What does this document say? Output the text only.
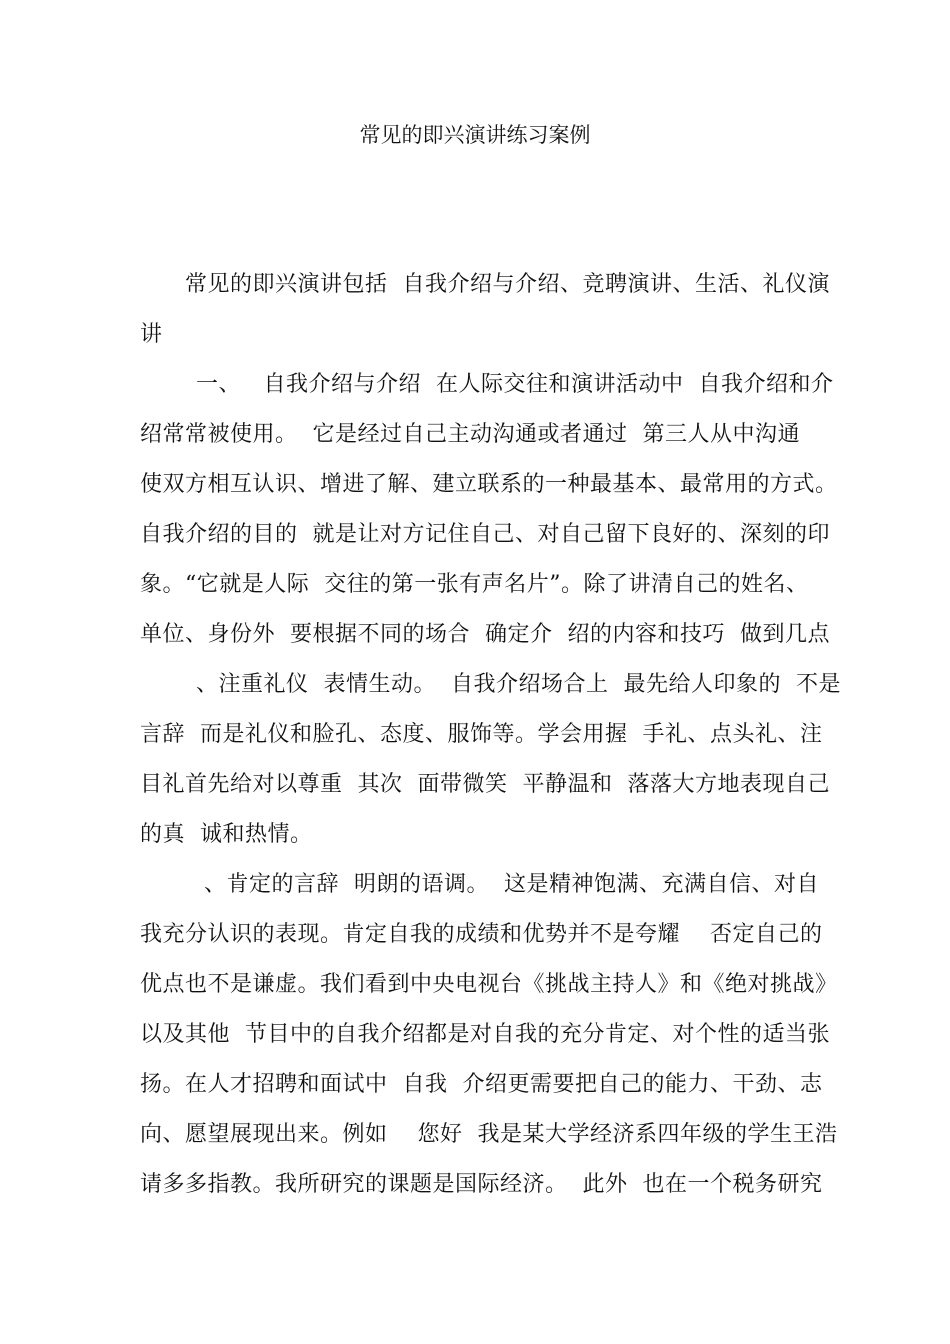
常见的即兴演讲练习案例
常见的即兴演讲包括  自我介绍与介绍、竞聘演讲、生活、礼仪演
讲
一、   自我介绍与介绍  在人际交往和演讲活动中  自我介绍和介
绍常常被使用。  它是经过自己主动沟通或者通过  第三人从中沟通
使双方相互认识、增进了解、建立联系的一种最基本、最常用的方式。
自我介绍的目的  就是让对方记住自己、对自己留下良好的、深刻的印
象。“它就是人际  交往的第一张有声名片”。除了讲清自己的姓名、
单位、身份外  要根据不同的场合  确定介  绍的内容和技巧  做到几点
、注重礼仪  表情生动。  自我介绍场合上  最先给人印象的  不是
言辞  而是礼仪和脸孔、态度、服饰等。学会用握  手礼、点头礼、注
目礼首先给对以尊重  其次  面带微笑  平静温和  落落大方地表现自己
的真  诚和热情。
、肯定的言辞  明朗的语调。  这是精神饱满、充满自信、对自
我充分认识的表现。肯定自我的成绩和优势并不是夸耀    否定自己的
优点也不是谦虚。我们看到中央电视台《挑战主持人》和《绝对挑战》
以及其他  节目中的自我介绍都是对自我的充分肯定、对个性的适当张
扬。在人才招聘和面试中  自我  介绍更需要把自己的能力、干劲、志
向、愿望展现出来。例如    您好  我是某大学经济系四年级的学生王浩
请多多指教。我所研究的课题是国际经济。  此外  也在一个税务研究
